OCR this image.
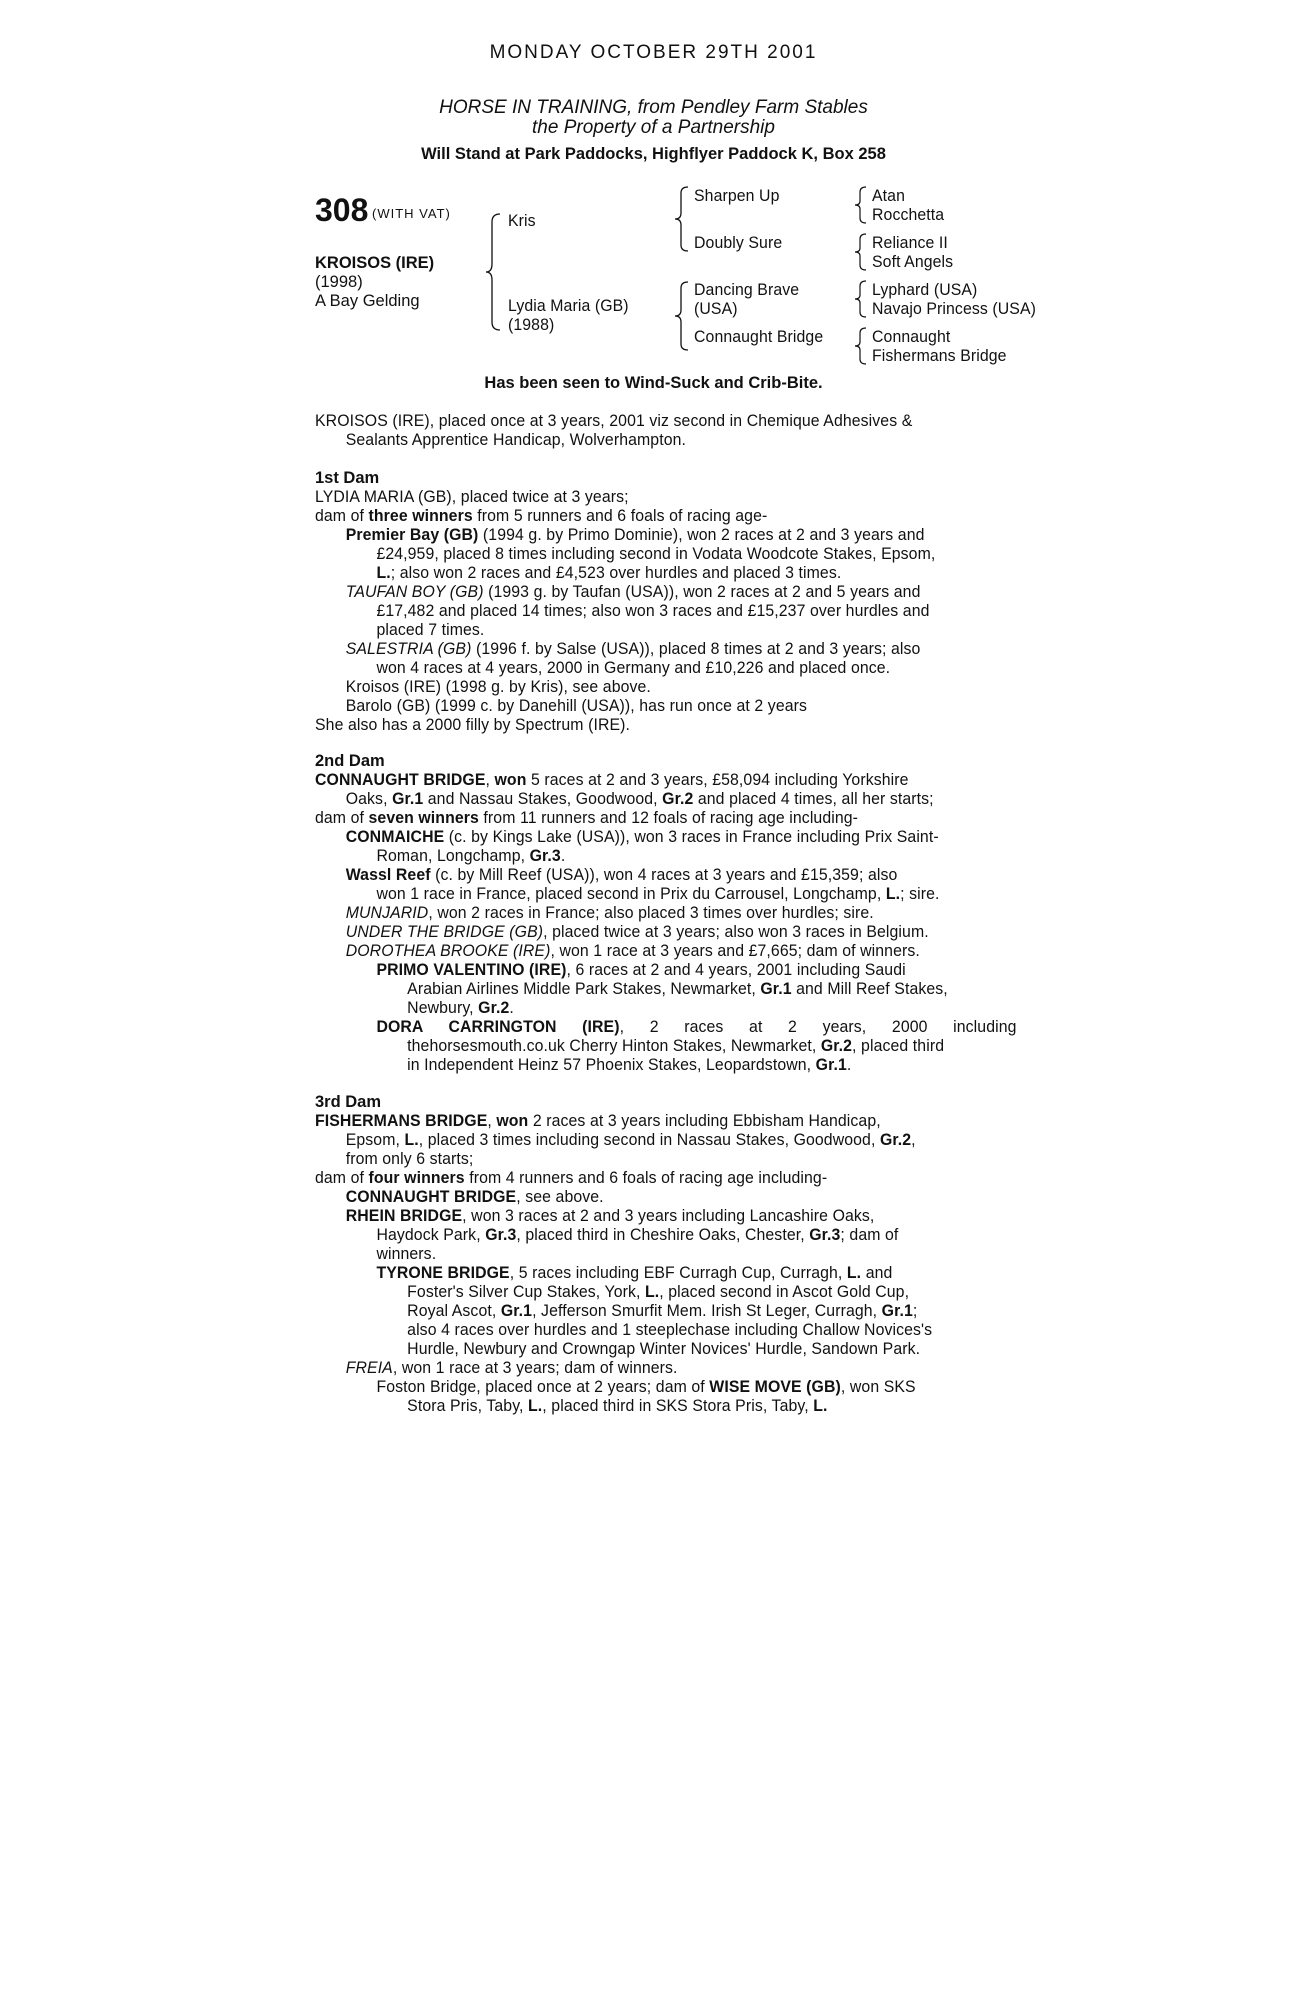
MONDAY OCTOBER 29TH 2001
HORSE IN TRAINING, from Pendley Farm Stables
the Property of a Partnership
Will Stand at Park Paddocks, Highflyer Paddock K, Box 258
308 (WITH VAT)
KROISOS (IRE)
(1998)
A Bay Gelding
Kris
Lydia Maria (GB)
(1988)
Sharpen Up
Doubly Sure
Dancing Brave
(USA)
Connaught Bridge
Atan
Rocchetta
Reliance II
Soft Angels
Lyphard (USA)
Navajo Princess (USA)
Connaught
Fishermans Bridge
Has been seen to Wind-Suck and Crib-Bite.
KROISOS (IRE), placed once at 3 years, 2001 viz second in Chemique Adhesives &
Sealants Apprentice Handicap, Wolverhampton.
1st Dam
LYDIA MARIA (GB), placed twice at 3 years;
dam of three winners from 5 runners and 6 foals of racing age-
Premier Bay (GB) (1994 g. by Primo Dominie), won 2 races at 2 and 3 years and
£24,959, placed 8 times including second in Vodata Woodcote Stakes, Epsom,
L.; also won 2 races and £4,523 over hurdles and placed 3 times.
TAUFAN BOY (GB) (1993 g. by Taufan (USA)), won 2 races at 2 and 5 years and
£17,482 and placed 14 times; also won 3 races and £15,237 over hurdles and
placed 7 times.
SALESTRIA (GB) (1996 f. by Salse (USA)), placed 8 times at 2 and 3 years; also
won 4 races at 4 years, 2000 in Germany and £10,226 and placed once.
Kroisos (IRE) (1998 g. by Kris), see above.
Barolo (GB) (1999 c. by Danehill (USA)), has run once at 2 years
She also has a 2000 filly by Spectrum (IRE).
2nd Dam
CONNAUGHT BRIDGE, won 5 races at 2 and 3 years, £58,094 including Yorkshire
Oaks, Gr.1 and Nassau Stakes, Goodwood, Gr.2 and placed 4 times, all her starts;
dam of seven winners from 11 runners and 12 foals of racing age including-
CONMAICHE (c. by Kings Lake (USA)), won 3 races in France including Prix Saint-
Roman, Longchamp, Gr.3.
Wassl Reef (c. by Mill Reef (USA)), won 4 races at 3 years and £15,359; also
won 1 race in France, placed second in Prix du Carrousel, Longchamp, L.; sire.
MUNJARID, won 2 races in France; also placed 3 times over hurdles; sire.
UNDER THE BRIDGE (GB), placed twice at 3 years; also won 3 races in Belgium.
DOROTHEA BROOKE (IRE), won 1 race at 3 years and £7,665; dam of winners.
PRIMO VALENTINO (IRE), 6 races at 2 and 4 years, 2001 including Saudi
Arabian Airlines Middle Park Stakes, Newmarket, Gr.1 and Mill Reef Stakes,
Newbury, Gr.2.
DORA CARRINGTON (IRE), 2 races at 2 years, 2000 including
thehorsesmouth.co.uk Cherry Hinton Stakes, Newmarket, Gr.2, placed third
in Independent Heinz 57 Phoenix Stakes, Leopardstown, Gr.1.
3rd Dam
FISHERMANS BRIDGE, won 2 races at 3 years including Ebbisham Handicap,
Epsom, L., placed 3 times including second in Nassau Stakes, Goodwood, Gr.2,
from only 6 starts;
dam of four winners from 4 runners and 6 foals of racing age including-
CONNAUGHT BRIDGE, see above.
RHEIN BRIDGE, won 3 races at 2 and 3 years including Lancashire Oaks,
Haydock Park, Gr.3, placed third in Cheshire Oaks, Chester, Gr.3; dam of
winners.
TYRONE BRIDGE, 5 races including EBF Curragh Cup, Curragh, L. and
Foster's Silver Cup Stakes, York, L., placed second in Ascot Gold Cup,
Royal Ascot, Gr.1, Jefferson Smurfit Mem. Irish St Leger, Curragh, Gr.1;
also 4 races over hurdles and 1 steeplechase including Challow Novices's
Hurdle, Newbury and Crowngap Winter Novices' Hurdle, Sandown Park.
FREIA, won 1 race at 3 years; dam of winners.
Foston Bridge, placed once at 2 years; dam of WISE MOVE (GB), won SKS
Stora Pris, Taby, L., placed third in SKS Stora Pris, Taby, L.
